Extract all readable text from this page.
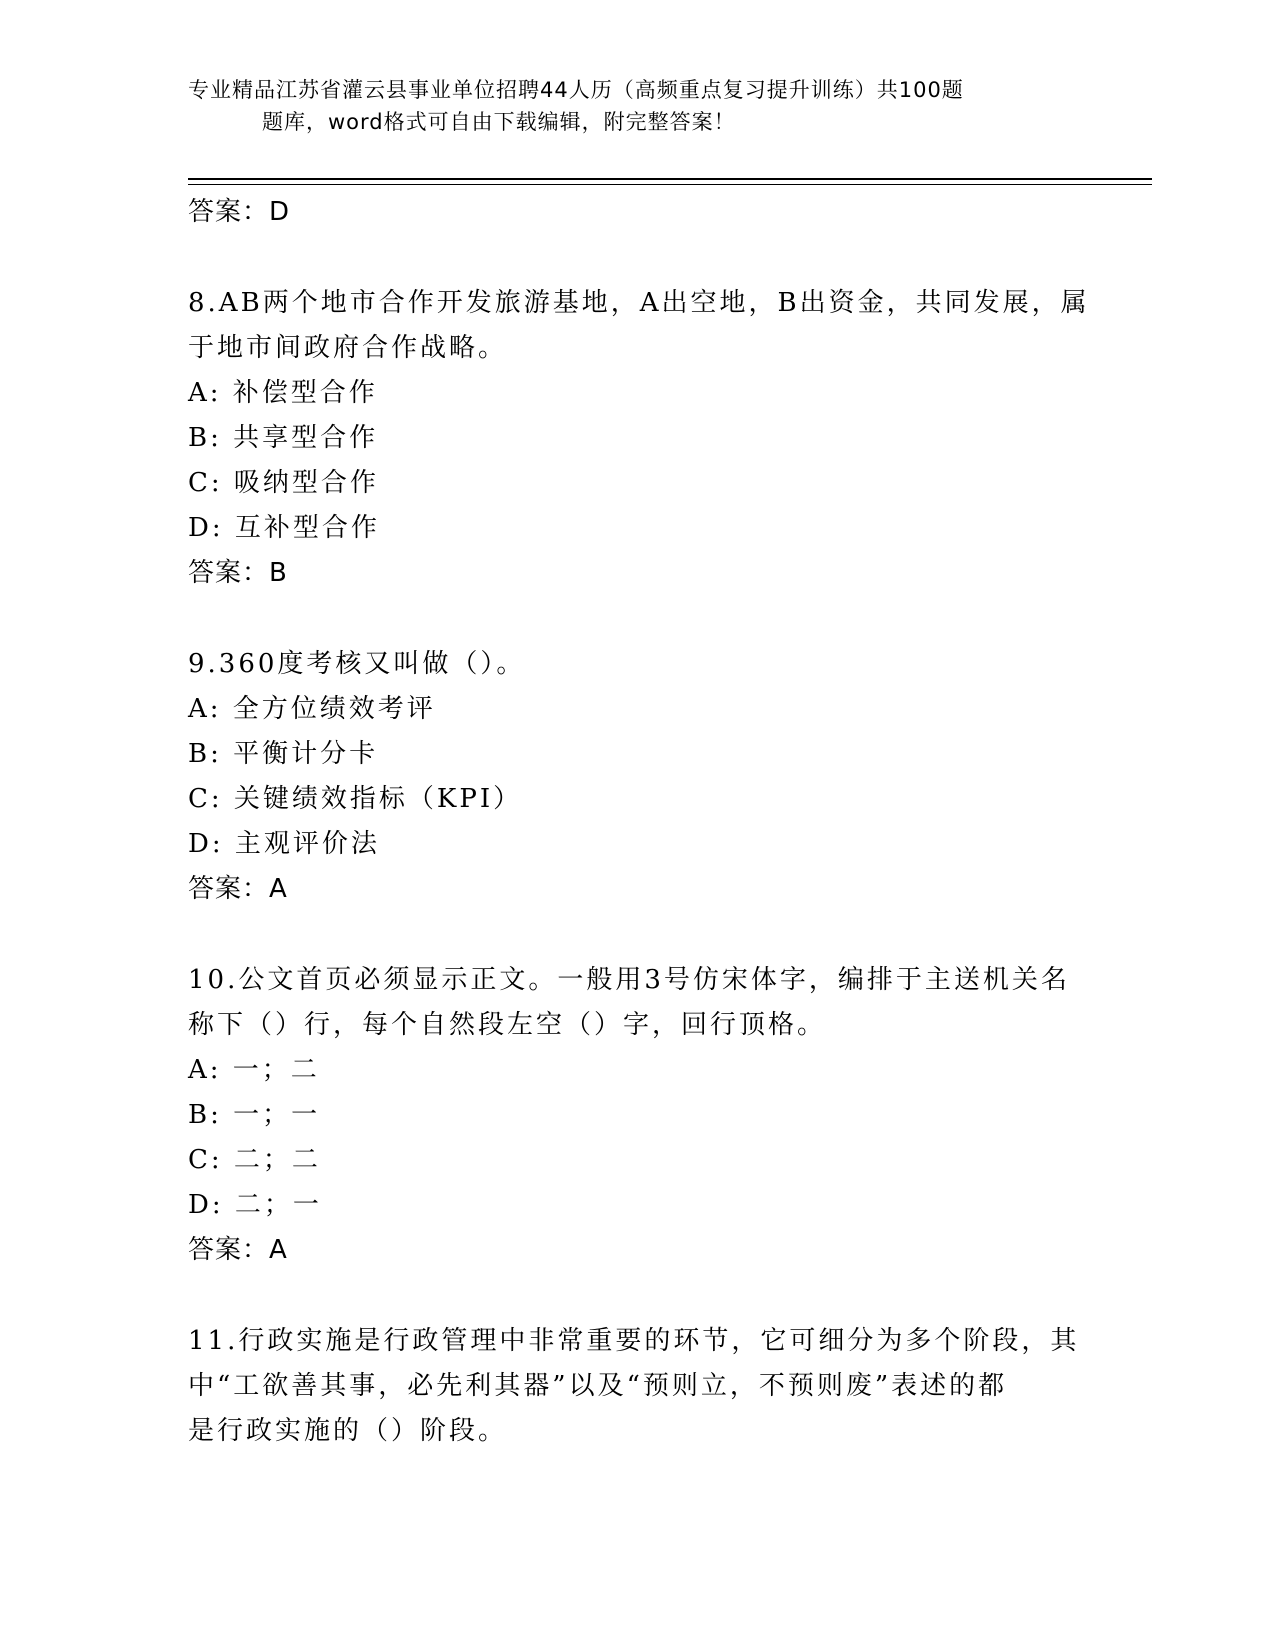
专业精品江苏省灌云县事业单位招聘44人历（高频重点复习提升训练）共100题
题库，word格式可自由下载编辑，附完整答案！
答案：D
8.AB两个地市合作开发旅游基地，A出空地，B出资金，共同发展，属
于地市间政府合作战略。
A: 补偿型合作
B: 共享型合作
C: 吸纳型合作
D: 互补型合作
答案：B
9.360度考核又叫做（）。
A: 全方位绩效考评
B: 平衡计分卡
C: 关键绩效指标（KPI）
D: 主观评价法
答案：A
10.公文首页必须显示正文。一般用3号仿宋体字，编排于主送机关名
称下（）行，每个自然段左空（）字，回行顶格。
A: 一；二
B: 一；一
C: 二；二
D: 二；一
答案：A
11.行政实施是行政管理中非常重要的环节，它可细分为多个阶段，其
中“工欲善其事，必先利其器”以及“预则立，不预则废”表述的都
是行政实施的（）阶段。
